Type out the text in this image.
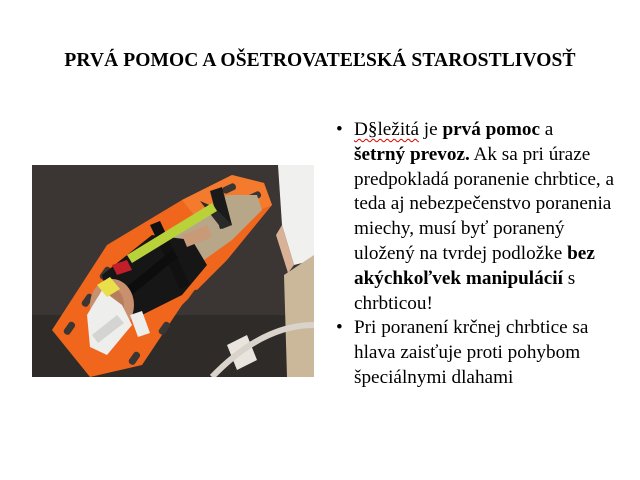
PRVÁ POMOC A OŠETROVATEĽSKÁ STAROSTLIVOSŤ
• D§ležitá je prvá pomoc a
šetrný prevoz. Ak sa pri úraze predpokladá poranenie chrbtice, a teda aj nebezpečenstvo poranenia miechy, musí byť poranený uložený na tvrdej podložke bez akýchkoľvek manipulácií s chrbticou!
• Pri poranení krčnej chrbtice sa hlava zaisťuje proti pohybom špeciálnymi dlahami
